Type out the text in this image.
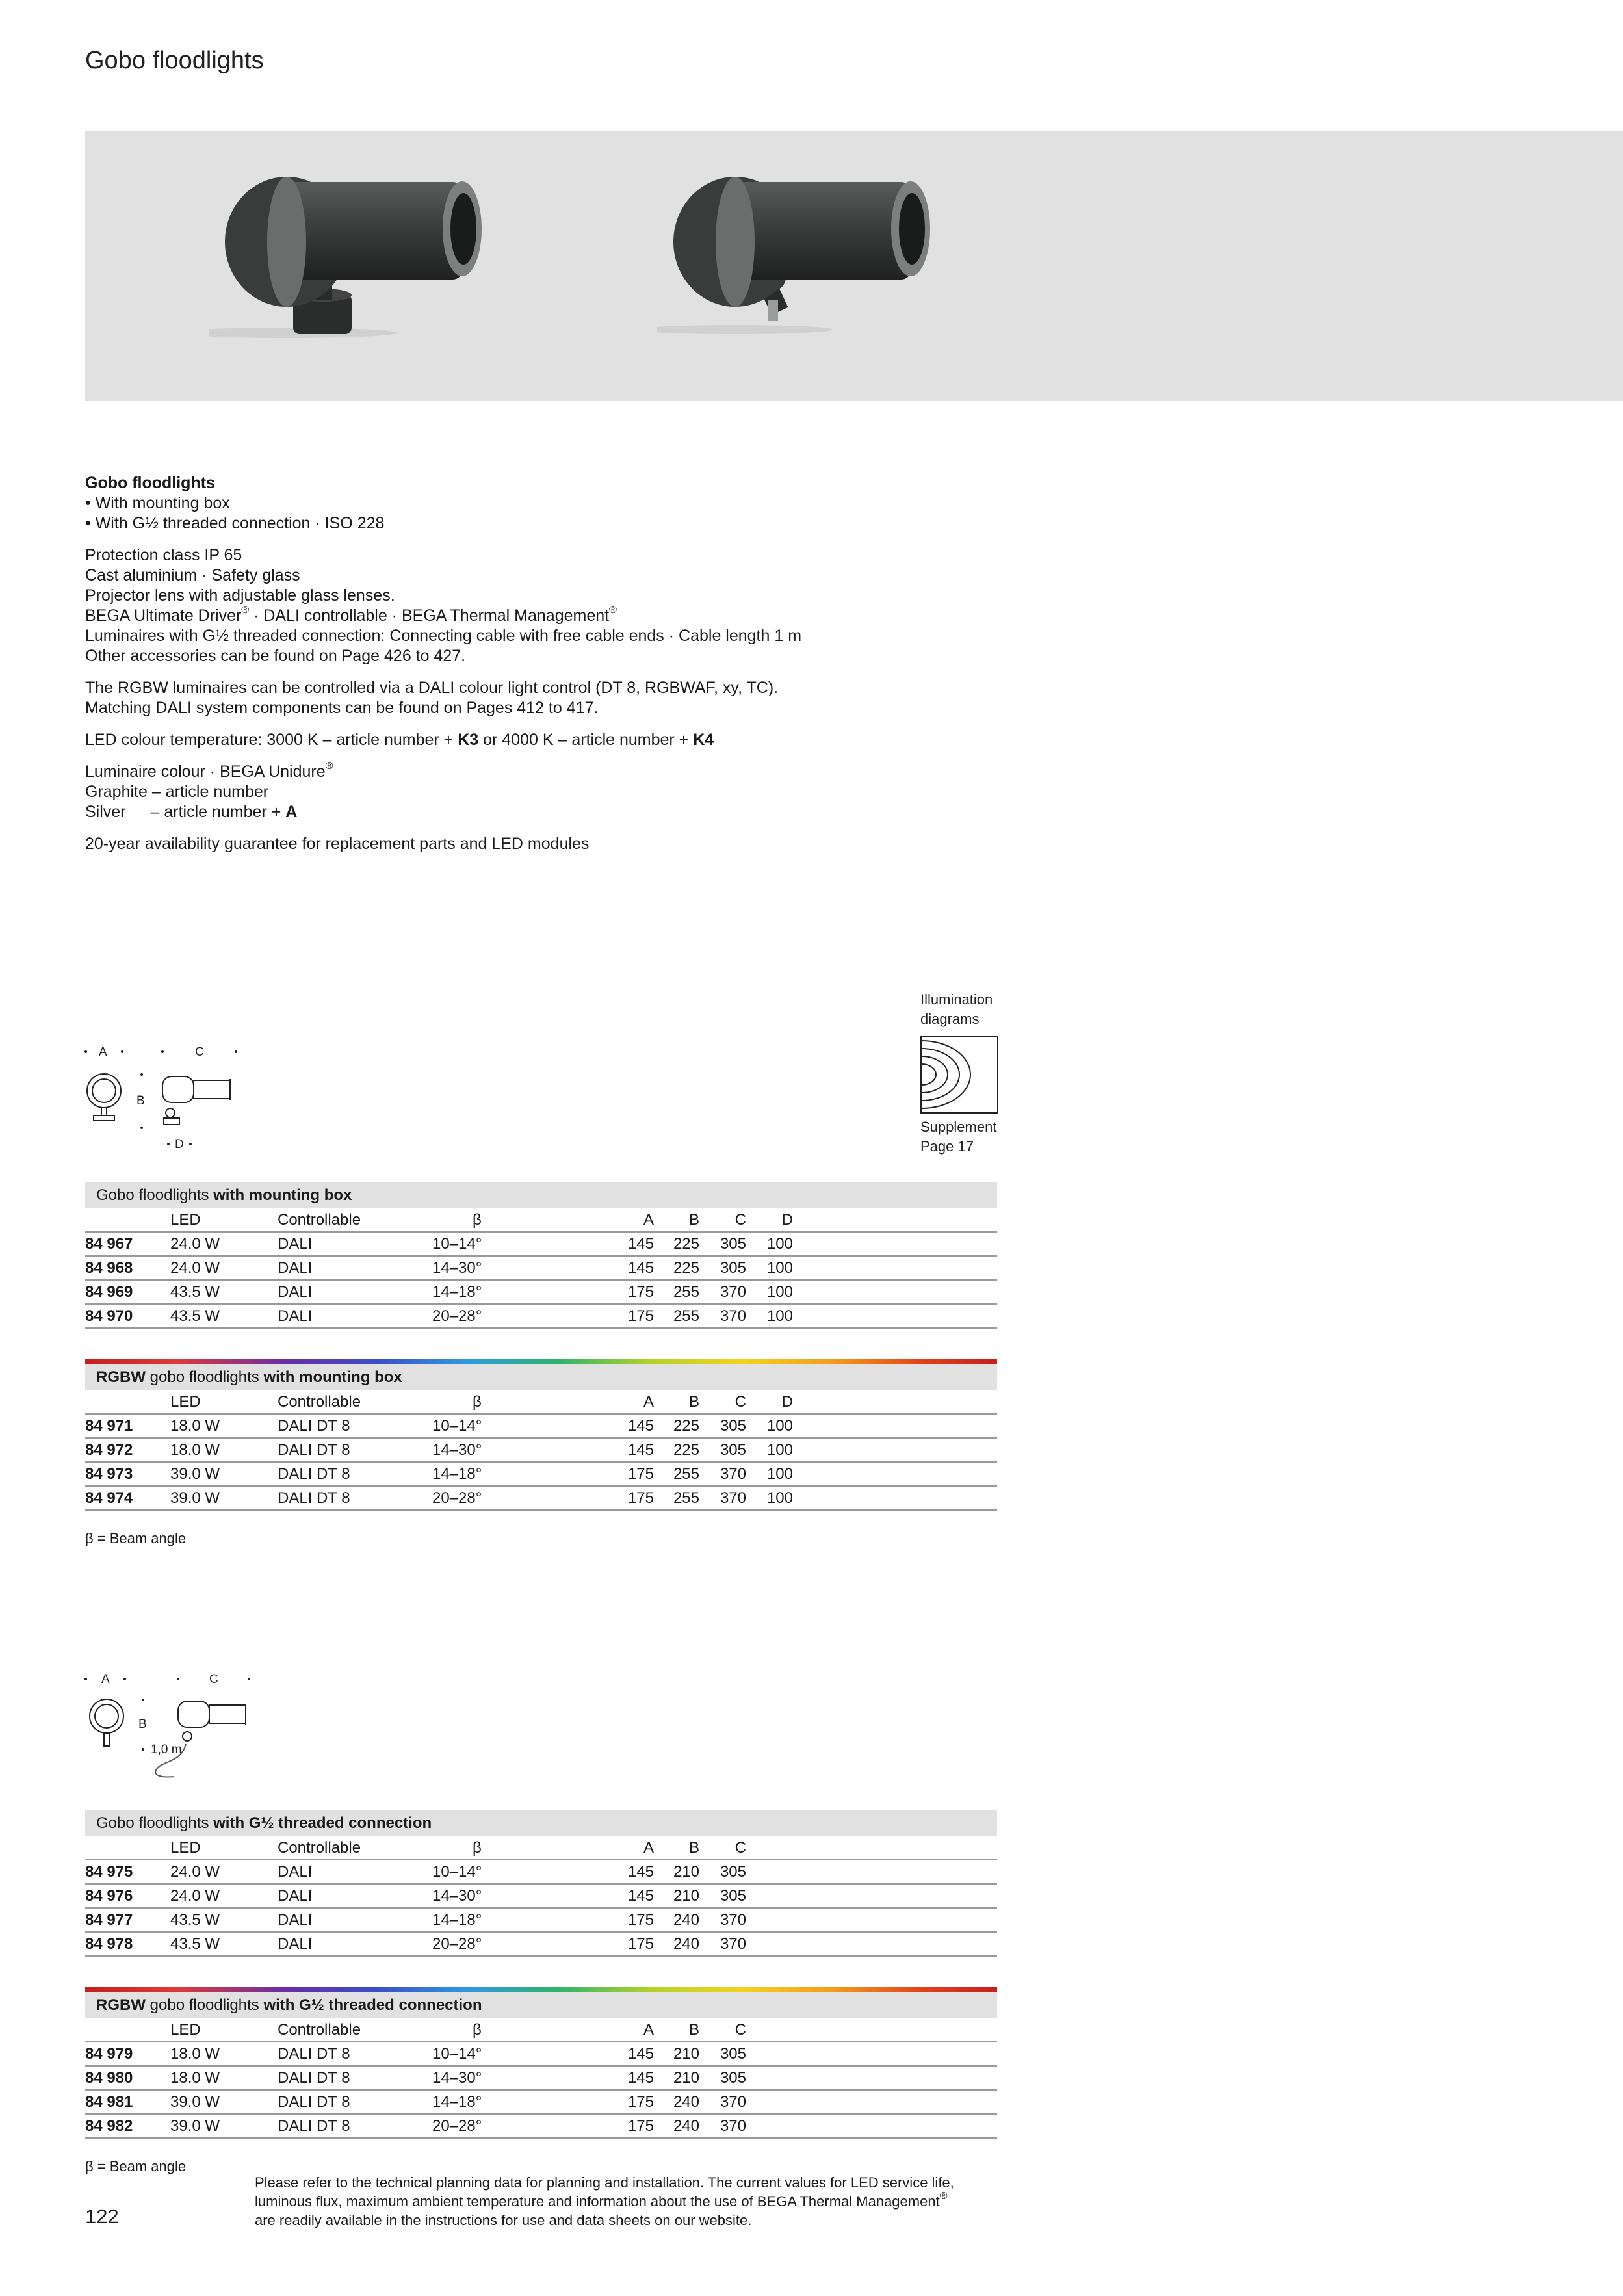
Gobo floodlights

Gobo floodlights
• With mounting box
• With G½ threaded connection · ISO 228

Protection class IP 65
Cast aluminium · Safety glass
Projector lens with adjustable glass lenses.
BEGA Ultimate Driver® · DALI controllable · BEGA Thermal Management®
Luminaires with G½ threaded connection: Connecting cable with free cable ends · Cable length 1 m
Other accessories can be found on Page 426 to 427.

The RGBW luminaires can be controlled via a DALI colour light control (DT 8, RGBWAF, xy, TC).
Matching DALI system components can be found on Pages 412 to 417.

LED colour temperature: 3000 K – article number + K3 or 4000 K – article number + K4

Luminaire colour · BEGA Unidure®
Graphite – article number
Silver – article number + A

20-year availability guarantee for replacement parts and LED modules

A	C
B
D
Illumination
diagrams
Supplement
Page 17
Gobo floodlights with mounting box
LED	Controllable	β	A B C D
84 967 24.0 W	DALI	10–14°	145 225 305 100
84 968 24.0 W	DALI	14–30°	145 225 305 100
84 969 43.5 W	DALI	14–18°	175 255 370 100
84 970 43.5 W	DALI	20–28°	175 255 370 100
RGBW gobo floodlights with mounting box
LED	Controllable	β	A B C D
84 971 18.0 W	DALI DT 8	10–14°	145 225 305 100
84 972 18.0 W	DALI DT 8	14–30°	145 225 305 100
84 973 39.0 W	DALI DT 8	14–18°	175 255 370 100
84 974 39.0 W	DALI DT 8	20–28°	175 255 370 100
β = Beam angle
A	C
B
1,0 m
Gobo floodlights with G½ threaded connection
LED	Controllable	β	A B C
84 975 24.0 W	DALI	10–14°	145 210 305
84 976 24.0 W	DALI	14–30°	145 210 305
84 977 43.5 W	DALI	14–18°	175 240 370
84 978 43.5 W	DALI	20–28°	175 240 370
RGBW gobo floodlights with G½ threaded connection
LED	Controllable	β	A B C
84 979 18.0 W	DALI DT 8	10–14°	145 210 305
84 980 18.0 W	DALI DT 8	14–30°	145 210 305
84 981 39.0 W	DALI DT 8	14–18°	175 240 370
84 982 39.0 W	DALI DT 8	20–28°	175 240 370
β = Beam angle
122
Please refer to the technical planning data for planning and installation. The current values for LED service life,
luminous flux, maximum ambient temperature and information about the use of BEGA Thermal Management®
are readily available in the instructions for use and data sheets on our website.
